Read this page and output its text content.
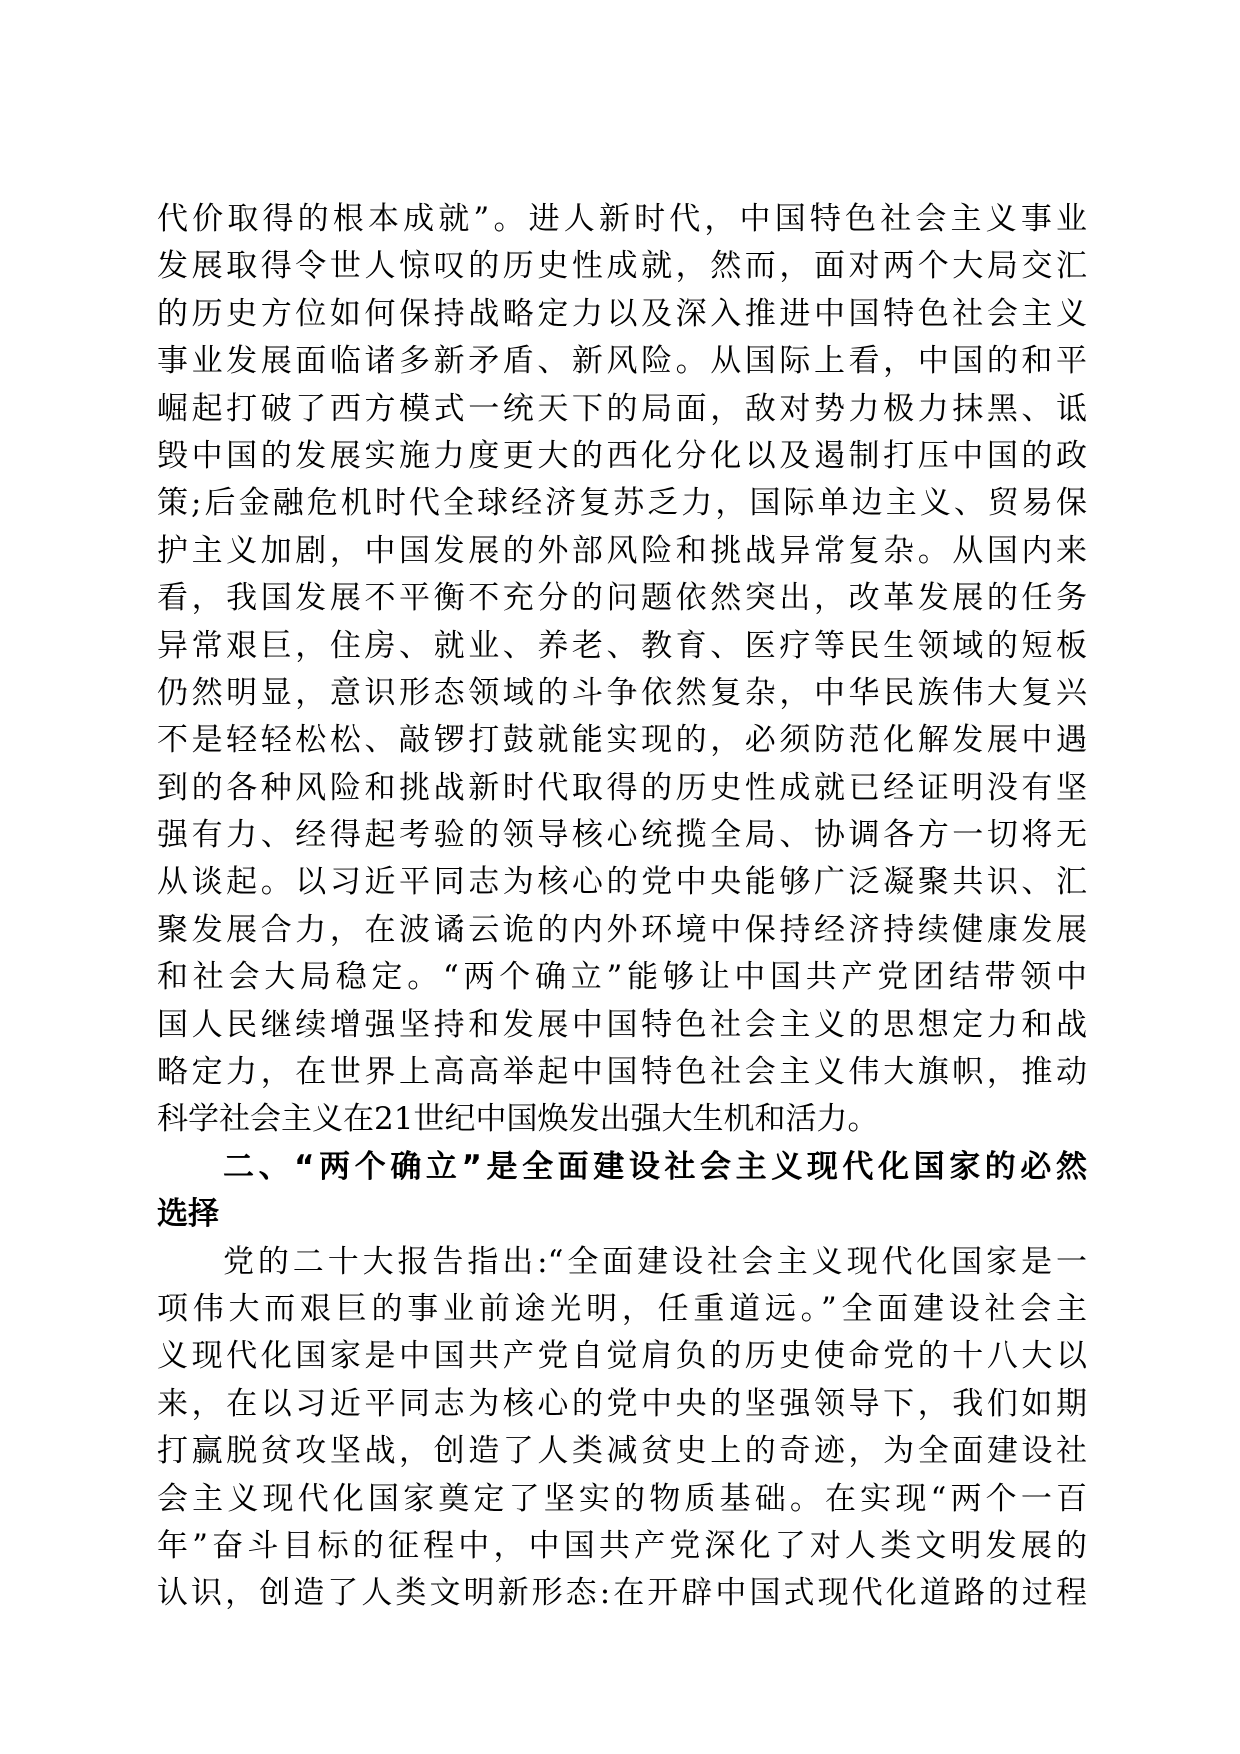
代价取得的根本成就”。进人新时代，中国特色社会主义事业
发展取得令世人惊叹的历史性成就，然而，面对两个大局交汇
的历史方位如何保持战略定力以及深入推进中国特色社会主义
事业发展面临诸多新矛盾、新风险。从国际上看，中国的和平
崛起打破了西方模式一统天下的局面，敌对势力极力抹黑、诋
毁中国的发展实施力度更大的西化分化以及遏制打压中国的政
策;后金融危机时代全球经济复苏乏力，国际单边主义、贸易保
护主义加剧，中国发展的外部风险和挑战异常复杂。从国内来
看，我国发展不平衡不充分的问题依然突出，改革发展的任务
异常艰巨，住房、就业、养老、教育、医疗等民生领域的短板
仍然明显，意识形态领域的斗争依然复杂，中华民族伟大复兴
不是轻轻松松、敲锣打鼓就能实现的，必须防范化解发展中遇
到的各种风险和挑战新时代取得的历史性成就已经证明没有坚
强有力、经得起考验的领导核心统揽全局、协调各方一切将无
从谈起。以习近平同志为核心的党中央能够广泛凝聚共识、汇
聚发展合力，在波谲云诡的内外环境中保持经济持续健康发展
和社会大局稳定。“两个确立”能够让中国共产党团结带领中
国人民继续增强坚持和发展中国特色社会主义的思想定力和战
略定力，在世界上高高举起中国特色社会主义伟大旗帜，推动
科学社会主义在21世纪中国焕发出强大生机和活力。
二、“两个确立”是全面建设社会主义现代化国家的必然
选择
党的二十大报告指出:“全面建设社会主义现代化国家是一
项伟大而艰巨的事业前途光明，任重道远。”全面建设社会主
义现代化国家是中国共产党自觉肩负的历史使命党的十八大以
来，在以习近平同志为核心的党中央的坚强领导下，我们如期
打赢脱贫攻坚战，创造了人类减贫史上的奇迹，为全面建设社
会主义现代化国家奠定了坚实的物质基础。在实现“两个一百
年”奋斗目标的征程中，中国共产党深化了对人类文明发展的
认识，创造了人类文明新形态:在开辟中国式现代化道路的过程
